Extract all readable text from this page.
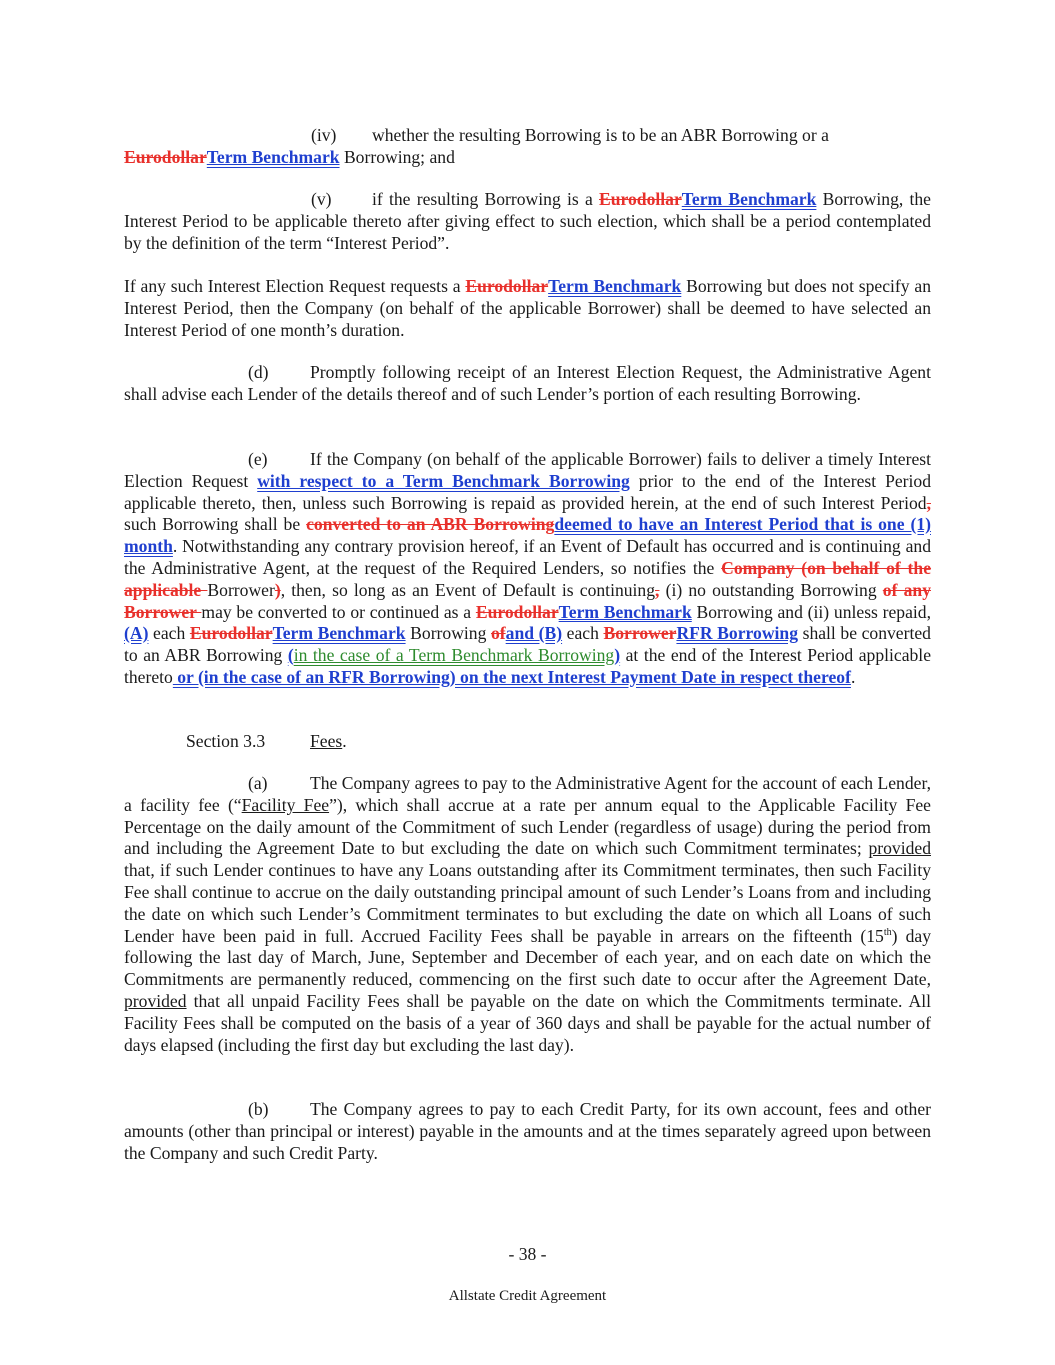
(iv) whether the resulting Borrowing is to be an ABR Borrowing or a
EurodollarTerm Benchmark Borrowing; and

(v) if the resulting Borrowing is a EurodollarTerm Benchmark Borrowing, the Interest Period to be applicable thereto after giving effect to such election, which shall be a period contemplated by the definition of the term “Interest Period”.

If any such Interest Election Request requests a EurodollarTerm Benchmark Borrowing but does not specify an Interest Period, then the Company (on behalf of the applicable Borrower) shall be deemed to have selected an Interest Period of one month’s duration.

(d) Promptly following receipt of an Interest Election Request, the Administrative Agent shall advise each Lender of the details thereof and of such Lender’s portion of each resulting Borrowing.

(e) If the Company (on behalf of the applicable Borrower) fails to deliver a timely Interest Election Request with respect to a Term Benchmark Borrowing prior to the end of the Interest Period applicable thereto, then, unless such Borrowing is repaid as provided herein, at the end of such Interest Period, such Borrowing shall be converted to an ABR Borrowingdeemed to have an Interest Period that is one (1) month. Notwithstanding any contrary provision hereof, if an Event of Default has occurred and is continuing and the Administrative Agent, at the request of the Required Lenders, so notifies the Company (on behalf of the applicable Borrower), then, so long as an Event of Default is continuing, (i) no outstanding Borrowing of any Borrower may be converted to or continued as a EurodollarTerm Benchmark Borrowing and (ii) unless repaid, (A) each EurodollarTerm Benchmark Borrowing ofand (B) each BorrowerRFR Borrowing shall be converted to an ABR Borrowing (in the case of a Term Benchmark Borrowing) at the end of the Interest Period applicable thereto or (in the case of an RFR Borrowing) on the next Interest Payment Date in respect thereof.

Section 3.3	Fees.

(a) The Company agrees to pay to the Administrative Agent for the account of each Lender, a facility fee (“Facility Fee”), which shall accrue at a rate per annum equal to the Applicable Facility Fee Percentage on the daily amount of the Commitment of such Lender (regardless of usage) during the period from and including the Agreement Date to but excluding the date on which such Commitment terminates; provided that, if such Lender continues to have any Loans outstanding after its Commitment terminates, then such Facility Fee shall continue to accrue on the daily outstanding principal amount of such Lender’s Loans from and including the date on which such Lender’s Commitment terminates to but excluding the date on which all Loans of such Lender have been paid in full. Accrued Facility Fees shall be payable in arrears on the fifteenth (15th) day following the last day of March, June, September and December of each year, and on each date on which the Commitments are permanently reduced, commencing on the first such date to occur after the Agreement Date, provided that all unpaid Facility Fees shall be payable on the date on which the Commitments terminate. All Facility Fees shall be computed on the basis of a year of 360 days and shall be payable for the actual number of days elapsed (including the first day but excluding the last day).

(b) The Company agrees to pay to each Credit Party, for its own account, fees and other amounts (other than principal or interest) payable in the amounts and at the times separately agreed upon between the Company and such Credit Party.

- 38 -

Allstate Credit Agreement
